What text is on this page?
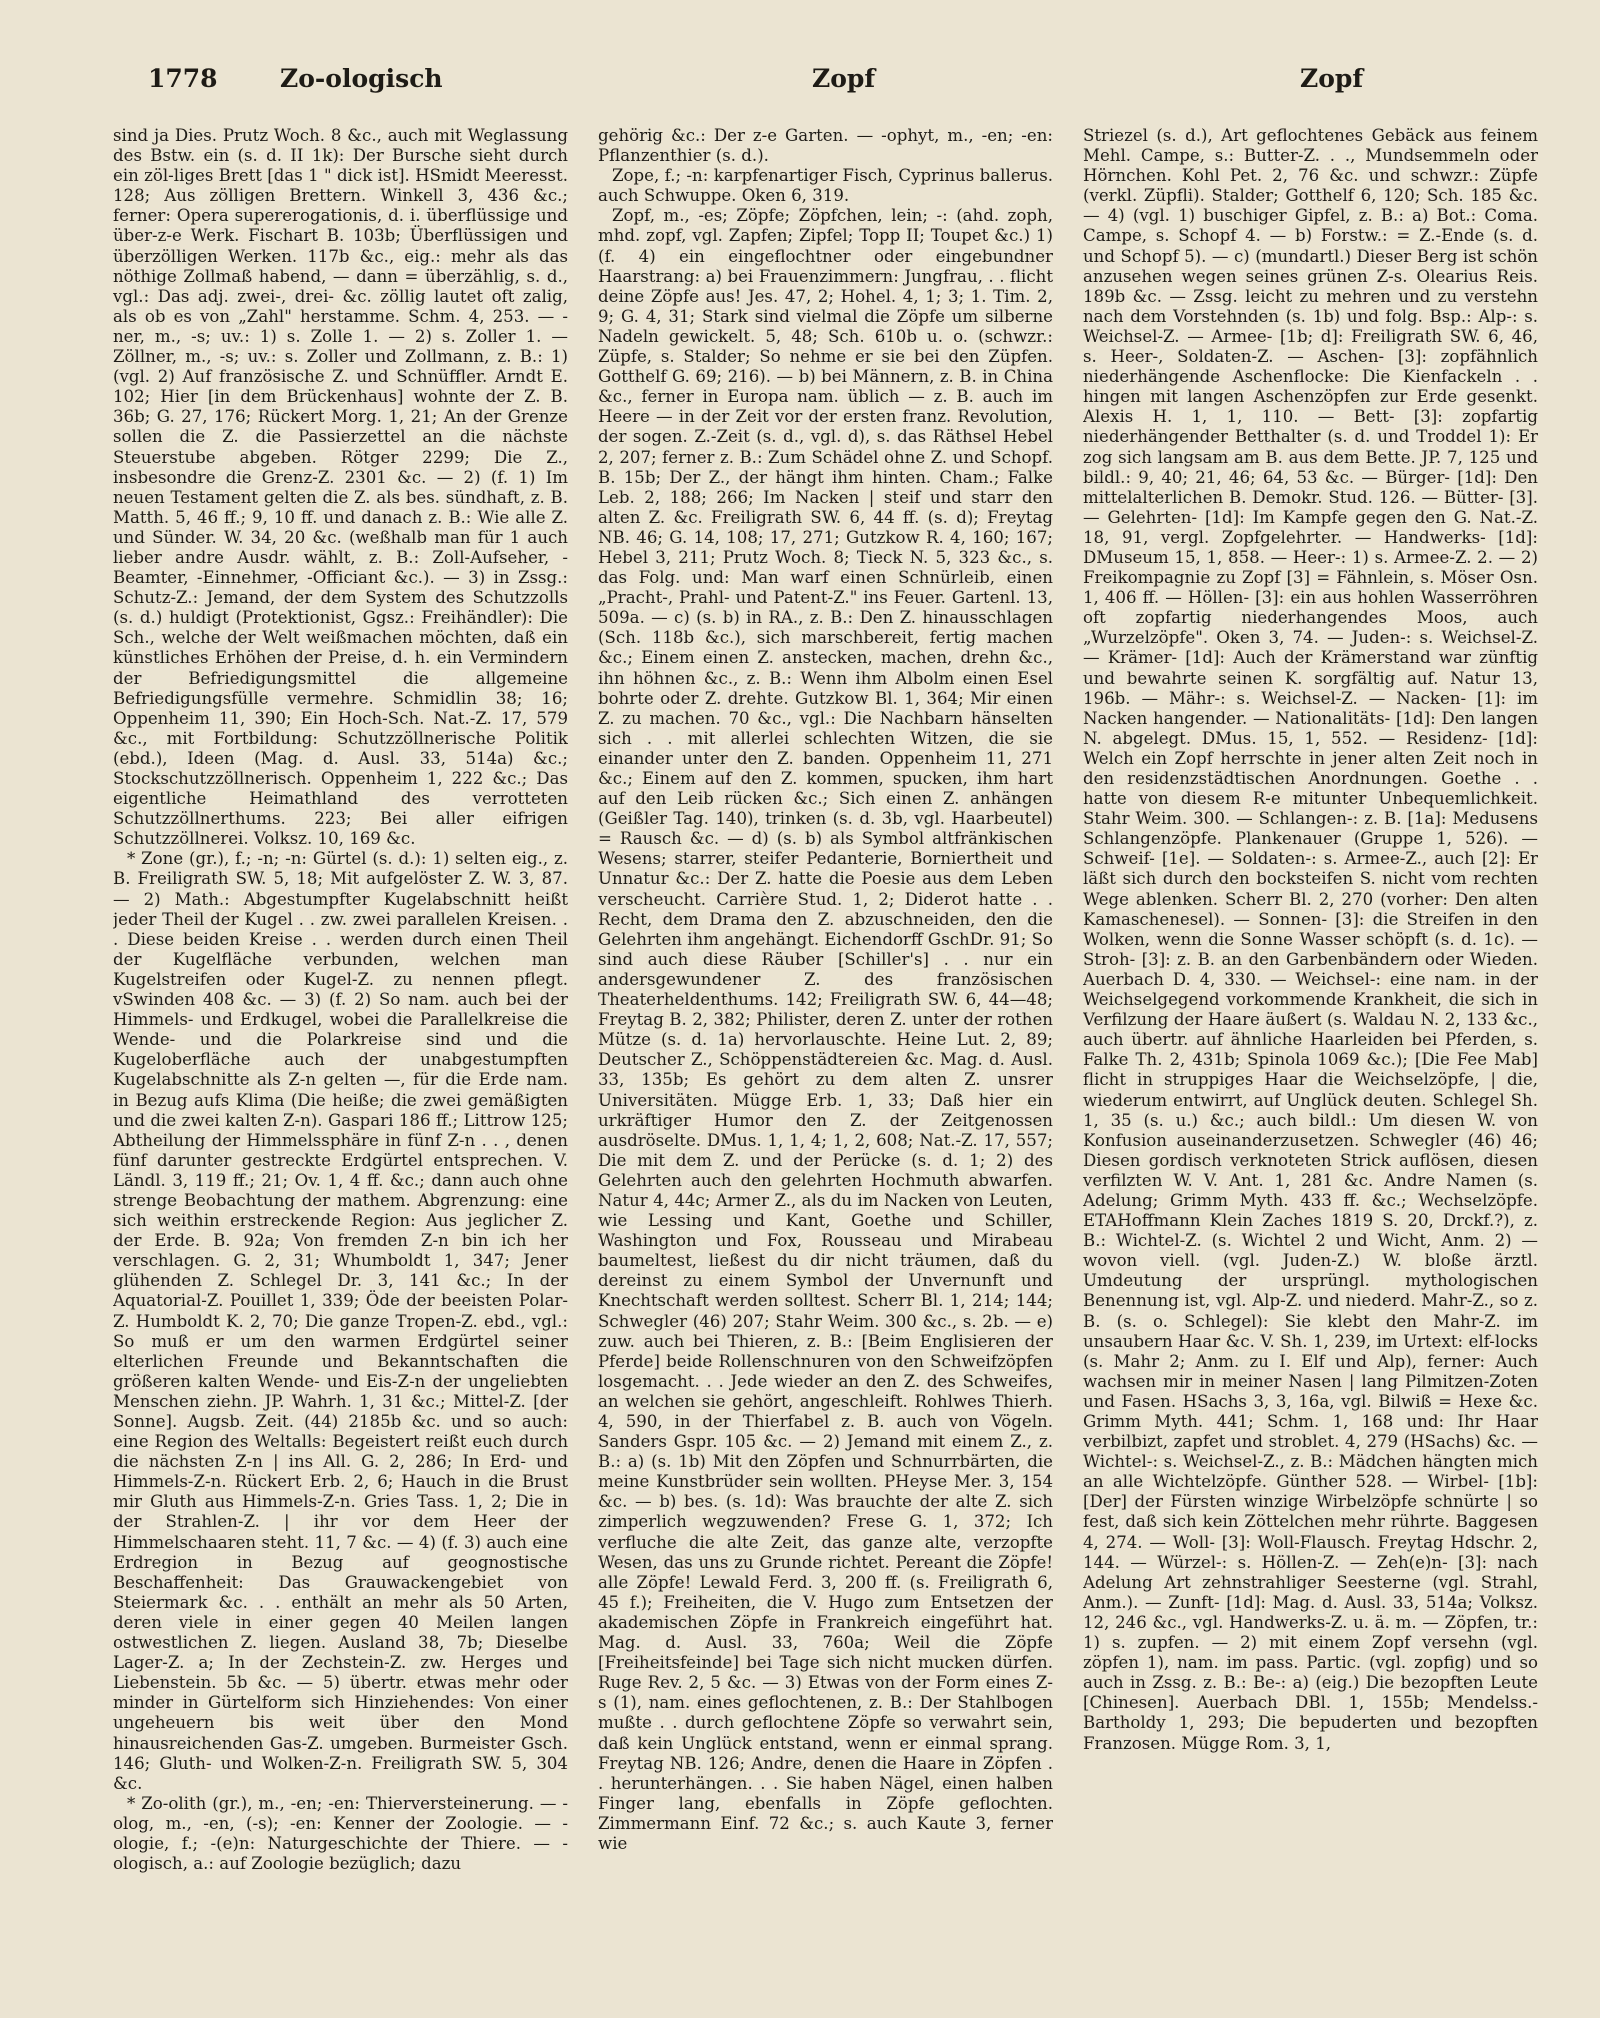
1778 Zo-ologisch	Zopf	Zopf

sind ja Dies. Prutz Woch. 8 &c., auch mit Weglassung des Bstw. ein (s. d. II 1k): Der Bursche sieht durch ein zöl-liges Brett [das 1 " dick ist]. HSmidt Meeresst. 128; Aus zölligen Brettern. Winkell 3, 436 &c.; ferner: Opera supererogationis, d. i. überflüssige und über-z-e Werk. Fischart B. 103b; Überflüssigen und überzölligen Werken. 117b &c., eig.: mehr als das nöthige Zollmaß habend, — dann = überzählig, s. d., vgl.: Das adj. zwei-, drei- &c. zöllig lautet oft zalig, als ob es von „Zahl" herstamme. Schm. 4, 253. — -ner, m., -s; uv.: 1) s. Zolle 1. — 2) s. Zoller 1. — Zöllner, m., -s; uv.: s. Zoller und Zollmann, z. B.: 1) (vgl. 2) Auf französische Z. und Schnüffler. Arndt E. 102; Hier [in dem Brückenhaus] wohnte der Z. B. 36b; G. 27, 176; Rückert Morg. 1, 21; An der Grenze sollen die Z. die Passierzettel an die nächste Steuerstube abgeben. Rötger 2299; Die Z., insbesondre die Grenz-Z. 2301 &c. — 2) (f. 1) Im neuen Testament gelten die Z. als bes. sündhaft, z. B. Matth. 5, 46 ff.; 9, 10 ff. und danach z. B.: Wie alle Z. und Sünder. W. 34, 20 &c. (weßhalb man für 1 auch lieber andre Ausdr. wählt, z. B.: Zoll-Aufseher, -Beamter, -Einnehmer, -Officiant &c.). — 3) in Zssg.: Schutz-Z.: Jemand, der dem System des Schutzzolls (s. d.) huldigt (Protektionist, Ggsz.: Freihändler): Die Sch., welche der Welt weißmachen möchten, daß ein künstliches Erhöhen der Preise, d. h. ein Vermindern der Befriedigungsmittel die allgemeine Befriedigungsfülle vermehre. Schmidlin 38; 16; Oppenheim 11, 390; Ein Hoch-Sch. Nat.-Z. 17, 579 &c., mit Fortbildung: Schutzzöllnerische Politik (ebd.), Ideen (Mag. d. Ausl. 33, 514a) &c.; Stockschutzzöllnerisch. Oppenheim 1, 222 &c.; Das eigentliche Heimathland des verrotteten Schutzzöllnerthums. 223; Bei aller eifrigen Schutzzöllnerei. Volksz. 10, 169 &c.

* Zone (gr.), f.; -n; -n: Gürtel (s. d.): 1) selten eig., z. B. Freiligrath SW. 5, 18; Mit aufgelöster Z. W. 3, 87. — 2) Math.: Abgestumpfter Kugelabschnitt heißt jeder Theil der Kugel . . zw. zwei parallelen Kreisen. . . Diese beiden Kreise . . werden durch einen Theil der Kugelfläche verbunden, welchen man Kugelstreifen oder Kugel-Z. zu nennen pflegt. vSwinden 408 &c. — 3) (f. 2) So nam. auch bei der Himmels- und Erdkugel, wobei die Parallelkreise die Wende- und die Polarkreise sind und die Kugeloberfläche auch der unabgestumpften Kugelabschnitte als Z-n gelten —, für die Erde nam. in Bezug aufs Klima (Die heiße; die zwei gemäßigten und die zwei kalten Z-n). Gaspari 186 ff.; Littrow 125; Abtheilung der Himmelssphäre in fünf Z-n . . , denen fünf darunter gestreckte Erdgürtel entsprechen. V. Ländl. 3, 119 ff.; 21; Ov. 1, 4 ff. &c.; dann auch ohne strenge Beobachtung der mathem. Abgrenzung: eine sich weithin erstreckende Region: Aus jeglicher Z. der Erde. B. 92a; Von fremden Z-n bin ich her verschlagen. G. 2, 31; Whumboldt 1, 347; Jener glühenden Z. Schlegel Dr. 3, 141 &c.; In der Aquatorial-Z. Pouillet 1, 339; Öde der beeisten Polar-Z. Humboldt K. 2, 70; Die ganze Tropen-Z. ebd., vgl.: So muß er um den warmen Erdgürtel seiner elterlichen Freunde und Bekanntschaften die größeren kalten Wende- und Eis-Z-n der ungeliebten Menschen ziehn. JP. Wahrh. 1, 31 &c.; Mittel-Z. [der Sonne]. Augsb. Zeit. (44) 2185b &c. und so auch: eine Region des Weltalls: Begeistert reißt euch durch die nächsten Z-n | ins All. G. 2, 286; In Erd- und Himmels-Z-n. Rückert Erb. 2, 6; Hauch in die Brust mir Gluth aus Himmels-Z-n. Gries Tass. 1, 2; Die in der Strahlen-Z. | ihr vor dem Heer der Himmelschaaren steht. 11, 7 &c. — 4) (f. 3) auch eine Erdregion in Bezug auf geognostische Beschaffenheit: Das Grauwackengebiet von Steiermark &c. . . enthält an mehr als 50 Arten, deren viele in einer gegen 40 Meilen langen ostwestlichen Z. liegen. Ausland 38, 7b; Dieselbe Lager-Z. a; In der Zechstein-Z. zw. Herges und Liebenstein. 5b &c. — 5) übertr. etwas mehr oder minder in Gürtelform sich Hinziehendes: Von einer ungeheuern bis weit über den Mond hinausreichenden Gas-Z. umgeben. Burmeister Gsch. 146; Gluth- und Wolken-Z-n. Freiligrath SW. 5, 304 &c.

* Zo-olith (gr.), m., -en; -en: Thierversteinerung. — -olog, m., -en, (-s); -en: Kenner der Zoologie. — -ologie, f.; -(e)n: Naturgeschichte der Thiere. — -ologisch, a.: auf Zoologie bezüglich; dazu

gehörig &c.: Der z-e Garten. — -ophyt, m., -en; -en: Pflanzenthier (s. d.).

Zope, f.; -n: karpfenartiger Fisch, Cyprinus ballerus. auch Schwuppe. Oken 6, 319.

Zopf, m., -es; Zöpfe; Zöpfchen, lein; -: (ahd. zoph, mhd. zopf, vgl. Zapfen; Zipfel; Topp II; Toupet &c.) 1) (f. 4) ein eingeflochtner oder eingebundner Haarstrang: a) bei Frauenzimmern: Jungfrau, . . flicht deine Zöpfe aus! Jes. 47, 2; Hohel. 4, 1; 3; 1. Tim. 2, 9; G. 4, 31; Stark sind vielmal die Zöpfe um silberne Nadeln gewickelt. 5, 48; Sch. 610b u. o. (schwzr.: Züpfe, s. Stalder; So nehme er sie bei den Züpfen. Gotthelf G. 69; 216). — b) bei Männern, z. B. in China &c., ferner in Europa nam. üblich — z. B. auch im Heere — in der Zeit vor der ersten franz. Revolution, der sogen. Z.-Zeit (s. d., vgl. d), s. das Räthsel Hebel 2, 207; ferner z. B.: Zum Schädel ohne Z. und Schopf. B. 15b; Der Z., der hängt ihm hinten. Cham.; Falke Leb. 2, 188; 266; Im Nacken | steif und starr den alten Z. &c. Freiligrath SW. 6, 44 ff. (s. d); Freytag NB. 46; G. 14, 108; 17, 271; Gutzkow R. 4, 160; 167; Hebel 3, 211; Prutz Woch. 8; Tieck N. 5, 323 &c., s. das Folg. und: Man warf einen Schnürleib, einen „Pracht-, Prahl- und Patent-Z." ins Feuer. Gartenl. 13, 509a. — c) (s. b) in RA., z. B.: Den Z. hinausschlagen (Sch. 118b &c.), sich marschbereit, fertig machen &c.; Einem einen Z. anstecken, machen, drehn &c., ihn höhnen &c., z. B.: Wenn ihm Albolm einen Esel bohrte oder Z. drehte. Gutzkow Bl. 1, 364; Mir einen Z. zu machen. 70 &c., vgl.: Die Nachbarn hänselten sich . . mit allerlei schlechten Witzen, die sie einander unter den Z. banden. Oppenheim 11, 271 &c.; Einem auf den Z. kommen, spucken, ihm hart auf den Leib rücken &c.; Sich einen Z. anhängen (Geißler Tag. 140), trinken (s. d. 3b, vgl. Haarbeutel) = Rausch &c. — d) (s. b) als Symbol altfränkischen Wesens; starrer, steifer Pedanterie, Borniertheit und Unnatur &c.: Der Z. hatte die Poesie aus dem Leben verscheucht. Carrière Stud. 1, 2; Diderot hatte . . Recht, dem Drama den Z. abzuschneiden, den die Gelehrten ihm angehängt. Eichendorff GschDr. 91; So sind auch diese Räuber [Schiller's] . . nur ein andersgewundener Z. des französischen Theaterheldenthums. 142; Freiligrath SW. 6, 44—48; Freytag B. 2, 382; Philister, deren Z. unter der rothen Mütze (s. d. 1a) hervorlauschte. Heine Lut. 2, 89; Deutscher Z., Schöppenstädtereien &c. Mag. d. Ausl. 33, 135b; Es gehört zu dem alten Z. unsrer Universitäten. Mügge Erb. 1, 33; Daß hier ein urkräftiger Humor den Z. der Zeitgenossen ausdröselte. DMus. 1, 1, 4; 1, 2, 608; Nat.-Z. 17, 557; Die mit dem Z. und der Perücke (s. d. 1; 2) des Gelehrten auch den gelehrten Hochmuth abwarfen. Natur 4, 44c; Armer Z., als du im Nacken von Leuten, wie Lessing und Kant, Goethe und Schiller, Washington und Fox, Rousseau und Mirabeau baumeltest, ließest du dir nicht träumen, daß du dereinst zu einem Symbol der Unvernunft und Knechtschaft werden solltest. Scherr Bl. 1, 214; 144; Schwegler (46) 207; Stahr Weim. 300 &c., s. 2b. — e) zuw. auch bei Thieren, z. B.: [Beim Englisieren der Pferde] beide Rollenschnuren von den Schweifzöpfen losgemacht. . . Jede wieder an den Z. des Schweifes, an welchen sie gehört, angeschleift. Rohlwes Thierh. 4, 590, in der Thierfabel z. B. auch von Vögeln. Sanders Gspr. 105 &c. — 2) Jemand mit einem Z., z. B.: a) (s. 1b) Mit den Zöpfen und Schnurrbärten, die meine Kunstbrüder sein wollten. PHeyse Mer. 3, 154 &c. — b) bes. (s. 1d): Was brauchte der alte Z. sich zimperlich wegzuwenden? Frese G. 1, 372; Ich verfluche die alte Zeit, das ganze alte, verzopfte Wesen, das uns zu Grunde richtet. Pereant die Zöpfe! alle Zöpfe! Lewald Ferd. 3, 200 ff. (s. Freiligrath 6, 45 f.); Freiheiten, die V. Hugo zum Entsetzen der akademischen Zöpfe in Frankreich eingeführt hat. Mag. d. Ausl. 33, 760a; Weil die Zöpfe [Freiheitsfeinde] bei Tage sich nicht mucken dürfen. Ruge Rev. 2, 5 &c. — 3) Etwas von der Form eines Z-s (1), nam. eines geflochtenen, z. B.: Der Stahlbogen mußte . . durch geflochtene Zöpfe so verwahrt sein, daß kein Unglück entstand, wenn er einmal sprang. Freytag NB. 126; Andre, denen die Haare in Zöpfen . . herunterhängen. . . Sie haben Nägel, einen halben Finger lang, ebenfalls in Zöpfe geflochten. Zimmermann Einf. 72 &c.; s. auch Kaute 3, ferner wie

Striezel (s. d.), Art geflochtenes Gebäck aus feinem Mehl. Campe, s.: Butter-Z. . ., Mundsemmeln oder Hörnchen. Kohl Pet. 2, 76 &c. und schwzr.: Züpfe (verkl. Züpfli). Stalder; Gotthelf 6, 120; Sch. 185 &c. — 4) (vgl. 1) buschiger Gipfel, z. B.: a) Bot.: Coma. Campe, s. Schopf 4. — b) Forstw.: = Z.-Ende (s. d. und Schopf 5). — c) (mundartl.) Dieser Berg ist schön anzusehen wegen seines grünen Z-s. Olearius Reis. 189b &c. — Zssg. leicht zu mehren und zu verstehn nach dem Vorstehnden (s. 1b) und folg. Bsp.: Alp-: s. Weichsel-Z. — Armee- [1b; d]: Freiligrath SW. 6, 46, s. Heer-, Soldaten-Z. — Aschen- [3]: zopfähnlich niederhängende Aschenflocke: Die Kienfackeln . . hingen mit langen Aschenzöpfen zur Erde gesenkt. Alexis H. 1, 1, 110. — Bett- [3]: zopfartig niederhängender Betthalter (s. d. und Troddel 1): Er zog sich langsam am B. aus dem Bette. JP. 7, 125 und bildl.: 9, 40; 21, 46; 64, 53 &c. — Bürger- [1d]: Den mittelalterlichen B. Demokr. Stud. 126. — Bütter- [3]. — Gelehrten- [1d]: Im Kampfe gegen den G. Nat.-Z. 18, 91, vergl. Zopfgelehrter. — Handwerks- [1d]: DMuseum 15, 1, 858. — Heer-: 1) s. Armee-Z. 2. — 2) Freikompagnie zu Zopf [3] = Fähnlein, s. Möser Osn. 1, 406 ff. — Höllen- [3]: ein aus hohlen Wasserröhren oft zopfartig niederhangendes Moos, auch „Wurzelzöpfe". Oken 3, 74. — Juden-: s. Weichsel-Z. — Krämer- [1d]: Auch der Krämerstand war zünftig und bewahrte seinen K. sorgfältig auf. Natur 13, 196b. — Mähr-: s. Weichsel-Z. — Nacken- [1]: im Nacken hangender. — Nationalitäts- [1d]: Den langen N. abgelegt. DMus. 15, 1, 552. — Residenz- [1d]: Welch ein Zopf herrschte in jener alten Zeit noch in den residenzstädtischen Anordnungen. Goethe . . hatte von diesem R-e mitunter Unbequemlichkeit. Stahr Weim. 300. — Schlangen-: z. B. [1a]: Medusens Schlangenzöpfe. Plankenauer (Gruppe 1, 526). — Schweif- [1e]. — Soldaten-: s. Armee-Z., auch [2]: Er läßt sich durch den bocksteifen S. nicht vom rechten Wege ablenken. Scherr Bl. 2, 270 (vorher: Den alten Kamaschenesel). — Sonnen- [3]: die Streifen in den Wolken, wenn die Sonne Wasser schöpft (s. d. 1c). — Stroh- [3]: z. B. an den Garbenbändern oder Wieden. Auerbach D. 4, 330. — Weichsel-: eine nam. in der Weichselgegend vorkommende Krankheit, die sich in Verfilzung der Haare äußert (s. Waldau N. 2, 133 &c., auch übertr. auf ähnliche Haarleiden bei Pferden, s. Falke Th. 2, 431b; Spinola 1069 &c.); [Die Fee Mab] flicht in struppiges Haar die Weichselzöpfe, | die, wiederum entwirrt, auf Unglück deuten. Schlegel Sh. 1, 35 (s. u.) &c.; auch bildl.: Um diesen W. von Konfusion auseinanderzusetzen. Schwegler (46) 46; Diesen gordisch verknoteten Strick auflösen, diesen verfilzten W. V. Ant. 1, 281 &c. Andre Namen (s. Adelung; Grimm Myth. 433 ff. &c.; Wechselzöpfe. ETAHoffmann Klein Zaches 1819 S. 20, Drckf.?), z. B.: Wichtel-Z. (s. Wichtel 2 und Wicht, Anm. 2) — wovon viell. (vgl. Juden-Z.) W. bloße ärztl. Umdeutung der ursprüngl. mythologischen Benennung ist, vgl. Alp-Z. und niederd. Mahr-Z., so z. B. (s. o. Schlegel): Sie klebt den Mahr-Z. im unsaubern Haar &c. V. Sh. 1, 239, im Urtext: elf-locks (s. Mahr 2; Anm. zu I. Elf und Alp), ferner: Auch wachsen mir in meiner Nasen | lang Pilmitzen-Zoten und Fasen. HSachs 3, 3, 16a, vgl. Bilwiß = Hexe &c. Grimm Myth. 441; Schm. 1, 168 und: Ihr Haar verbilbizt, zapfet und stroblet. 4, 279 (HSachs) &c. — Wichtel-: s. Weichsel-Z., z. B.: Mädchen hängten mich an alle Wichtelzöpfe. Günther 528. — Wirbel- [1b]: [Der] der Fürsten winzige Wirbelzöpfe schnürte | so fest, daß sich kein Zöttelchen mehr rührte. Baggesen 4, 274. — Woll- [3]: Woll-Flausch. Freytag Hdschr. 2, 144. — Würzel-: s. Höllen-Z. — Zeh(e)n- [3]: nach Adelung Art zehnstrahliger Seesterne (vgl. Strahl, Anm.). — Zunft- [1d]: Mag. d. Ausl. 33, 514a; Volksz. 12, 246 &c., vgl. Handwerks-Z. u. ä. m. — Zöpfen, tr.: 1) s. zupfen. — 2) mit einem Zopf versehn (vgl. zöpfen 1), nam. im pass. Partic. (vgl. zopfig) und so auch in Zssg. z. B.: Be-: a) (eig.) Die bezopften Leute [Chinesen]. Auerbach DBl. 1, 155b; Mendelss.-Bartholdy 1, 293; Die bepuderten und bezopften Franzosen. Mügge Rom. 3, 1,
